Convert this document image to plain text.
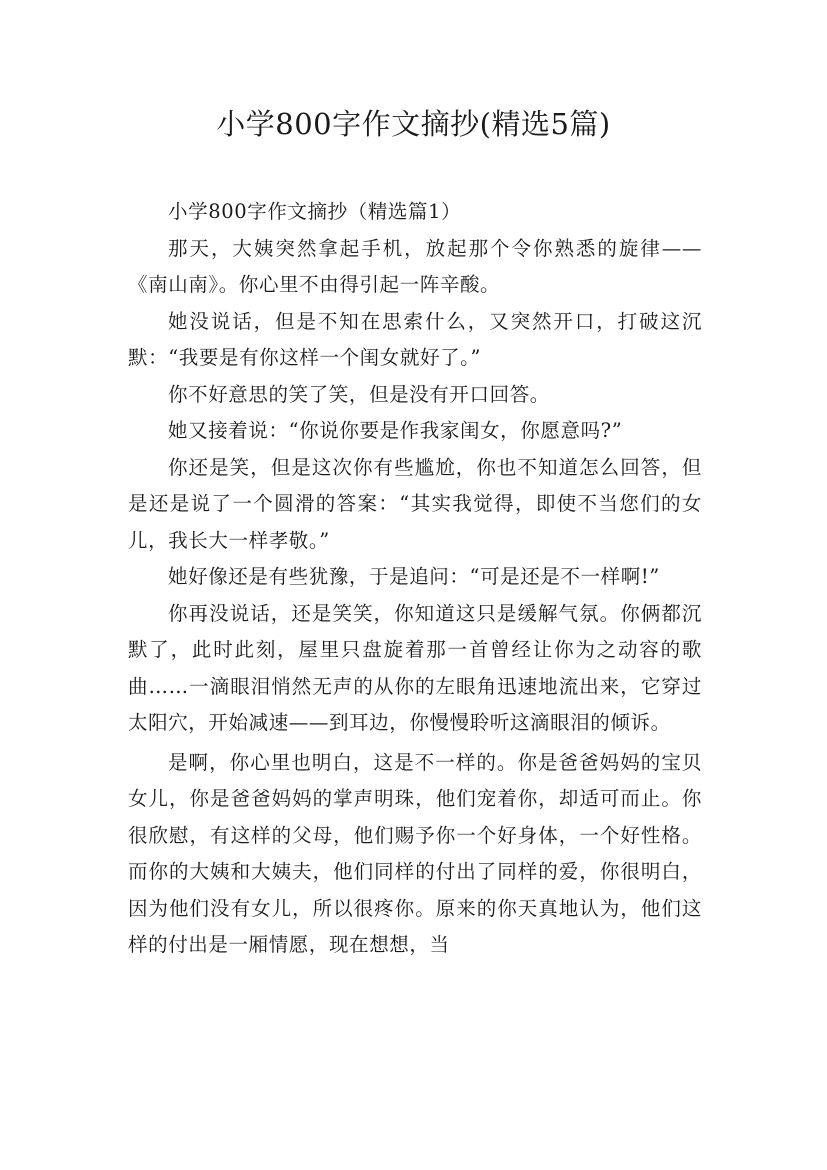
小学800字作文摘抄(精选5篇)

小学800字作文摘抄（精选篇1）

那天，大姨突然拿起手机，放起那个令你熟悉的旋律——《南山南》。你心里不由得引起一阵辛酸。

她没说话，但是不知在思索什么，又突然开口，打破这沉默：“我要是有你这样一个闺女就好了。”

你不好意思的笑了笑，但是没有开口回答。

她又接着说：“你说你要是作我家闺女，你愿意吗?”

你还是笑，但是这次你有些尴尬，你也不知道怎么回答，但是还是说了一个圆滑的答案：“其实我觉得，即使不当您们的女儿，我长大一样孝敬。”

她好像还是有些犹豫，于是追问：“可是还是不一样啊!”

你再没说话，还是笑笑，你知道这只是缓解气氛。你俩都沉默了，此时此刻，屋里只盘旋着那一首曾经让你为之动容的歌曲……一滴眼泪悄然无声的从你的左眼角迅速地流出来，它穿过太阳穴，开始减速——到耳边，你慢慢聆听这滴眼泪的倾诉。

是啊，你心里也明白，这是不一样的。你是爸爸妈妈的宝贝女儿，你是爸爸妈妈的掌声明珠，他们宠着你，却适可而止。你很欣慰，有这样的父母，他们赐予你一个好身体，一个好性格。而你的大姨和大姨夫，他们同样的付出了同样的爱，你很明白，因为他们没有女儿，所以很疼你。原来的你天真地认为，他们这样的付出是一厢情愿，现在想想，当
